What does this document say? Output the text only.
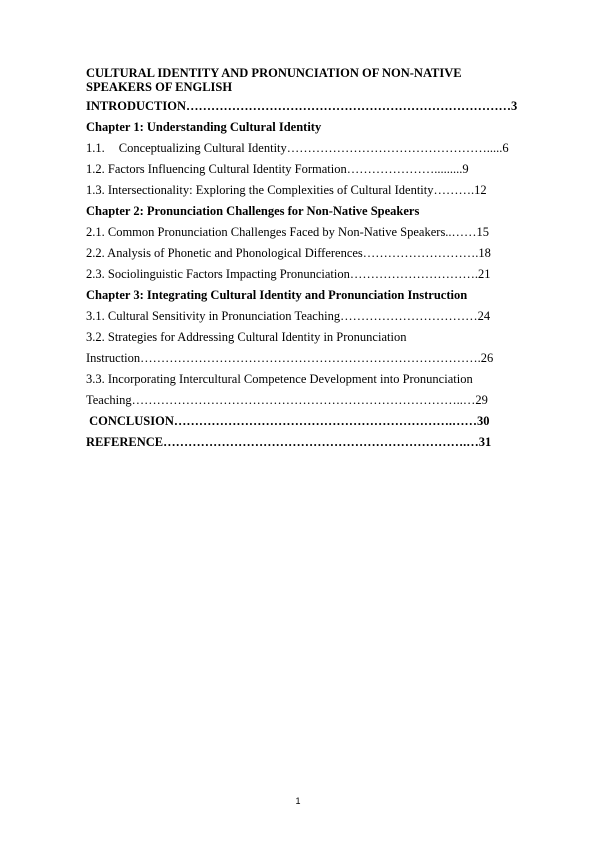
CULTURAL IDENTITY AND PRONUNCIATION OF NON-NATIVE
SPEAKERS OF ENGLISH
INTRODUCTION……………………………………………………………………3
Chapter 1: Understanding Cultural Identity
1.1. Conceptualizing Cultural Identity………………………………………….....6
1.2. Factors Influencing Cultural Identity Formation………………….........9
1.3. Intersectionality: Exploring the Complexities of Cultural Identity……….12
Chapter 2: Pronunciation Challenges for Non-Native Speakers
2.1. Common Pronunciation Challenges Faced by Non-Native Speakers..……15
2.2. Analysis of Phonetic and Phonological Differences……………………….18
2.3. Sociolinguistic Factors Impacting Pronunciation………………………….21
Chapter 3: Integrating Cultural Identity and Pronunciation Instruction
3.1. Cultural Sensitivity in Pronunciation Teaching……………………………24
3.2. Strategies for Addressing Cultural Identity in Pronunciation
Instruction……………………………………………………………………….26
3.3. Incorporating Intercultural Competence Development into Pronunciation
Teaching……………………………………………………………………..…29
CONCLUSION………………………………………………………….……30
REFERENCE……………………………………………………………….…31
1
